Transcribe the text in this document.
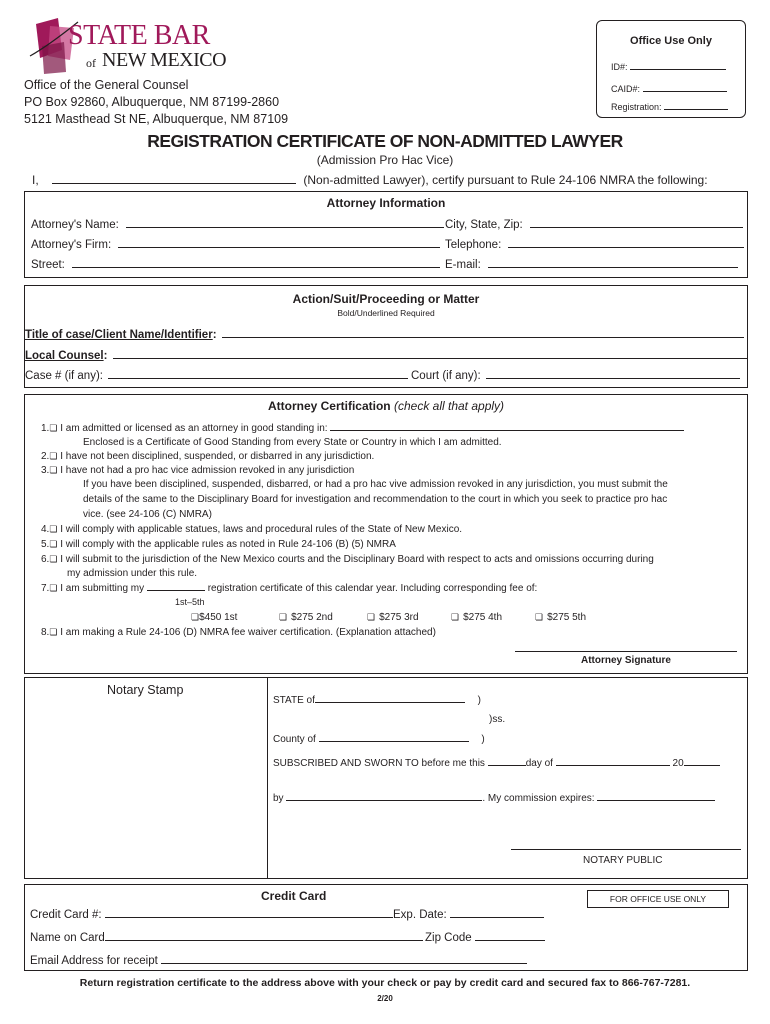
STATE BAR
of NEW MEXICO
Office of the General Counsel
PO Box 92860, Albuquerque, NM 87199-2860
5121 Masthead St NE, Albuquerque, NM 87109
Office Use Only
ID#:
CAID#:
Registration:
REGISTRATION CERTIFICATE OF NON-ADMITTED LAWYER
(Admission Pro Hac Vice)
I,	(Non-admitted Lawyer), certify pursuant to Rule 24-106 NMRA the following:
Attorney Information
Attorney's Name:	City, State, Zip:
Attorney's Firm:	Telephone:
Street:	E-mail:
Action/Suit/Proceeding or Matter
Bold/Underlined Required
Title of case/Client Name/Identifier:
Local Counsel:
Case # (if any):	Court (if any):
Attorney Certification (check all that apply)
1.❏ I am admitted or licensed as an attorney in good standing in:
Enclosed is a Certificate of Good Standing from every State or Country in which I am admitted.
2.❏ I have not been disciplined, suspended, or disbarred in any jurisdiction.
3.❏ I have not had a pro hac vice admission revoked in any jurisdiction
If you have been disciplined, suspended, disbarred, or had a pro hac vive admission revoked in any jurisdiction, you must submit the
details of the same to the Disciplinary Board for investigation and recommendation to the court in which you seek to practice pro hac
vice. (see 24-106 (C) NMRA)
4.❏ I will comply with applicable statues, laws and procedural rules of the State of New Mexico.
5.❏ I will comply with the applicable rules as noted in Rule 24-106 (B) (5) NMRA
6.❏ I will submit to the jurisdiction of the New Mexico courts and the Disciplinary Board with respect to acts and omissions occurring during
my admission under this rule.
7.❏ I am submitting my	registration certificate of this calendar year. Including corresponding fee of:
1st–5th
❏$450 1st	❏ $275 2nd	❏ $275 3rd	❏ $275 4th	❏ $275 5th
8.❏ I am making a Rule 24-106 (D) NMRA fee waiver certification. (Explanation attached)
Attorney Signature
Notary Stamp
STATE of	)
)ss.
County of	)
SUBSCRIBED AND SWORN TO before me this	day of	20
by	. My commission expires:
NOTARY PUBLIC
Credit Card	FOR OFFICE USE ONLY
Credit Card #:	Exp. Date:
Name on Card	Zip Code
Email Address for receipt
Return registration certificate to the address above with your check or pay by credit card and secured fax to 866-767-7281.
2/20
